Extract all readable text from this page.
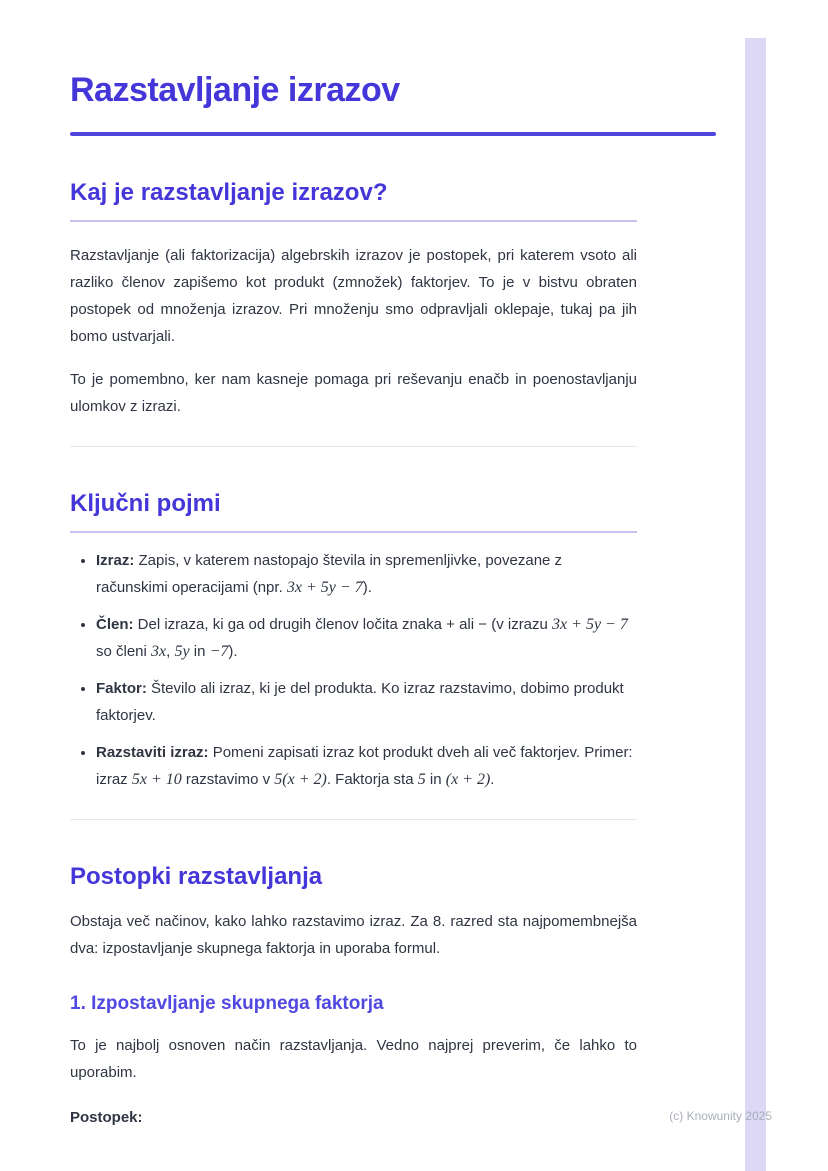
Razstavljanje izrazov
Kaj je razstavljanje izrazov?

Razstavljanje (ali faktorizacija) algebrskih izrazov je postopek, pri katerem vsoto ali razliko členov zapišemo kot produkt (zmnožek) faktorjev. To je v bistvu obraten postopek od množenja izrazov. Pri množenju smo odpravljali oklepaje, tukaj pa jih bomo ustvarjali.

To je pomembno, ker nam kasneje pomaga pri reševanju enačb in poenostavljanju ulomkov z izrazi.

Ključni pojmi
• Izraz: Zapis, v katerem nastopajo števila in spremenljivke, povezane z računskimi operacijami (npr. 3x + 5y − 7).
• Člen: Del izraza, ki ga od drugih členov ločita znaka + ali − (v izrazu 3x + 5y − 7 so členi 3x, 5y in −7).
• Faktor: Število ali izraz, ki je del produkta. Ko izraz razstavimo, dobimo produkt faktorjev.
• Razstaviti izraz: Pomeni zapisati izraz kot produkt dveh ali več faktorjev. Primer: izraz 5x + 10 razstavimo v 5(x + 2). Faktorja sta 5 in (x + 2).
Postopki razstavljanja

Obstaja več načinov, kako lahko razstavimo izraz. Za 8. razred sta najpomembnejša dva: izpostavljanje skupnega faktorja in uporaba formul.

1. Izpostavljanje skupnega faktorja

To je najbolj osnoven način razstavljanja. Vedno najprej preverim, če lahko to uporabim.

Postopek:	(c) Knowunity 2025
